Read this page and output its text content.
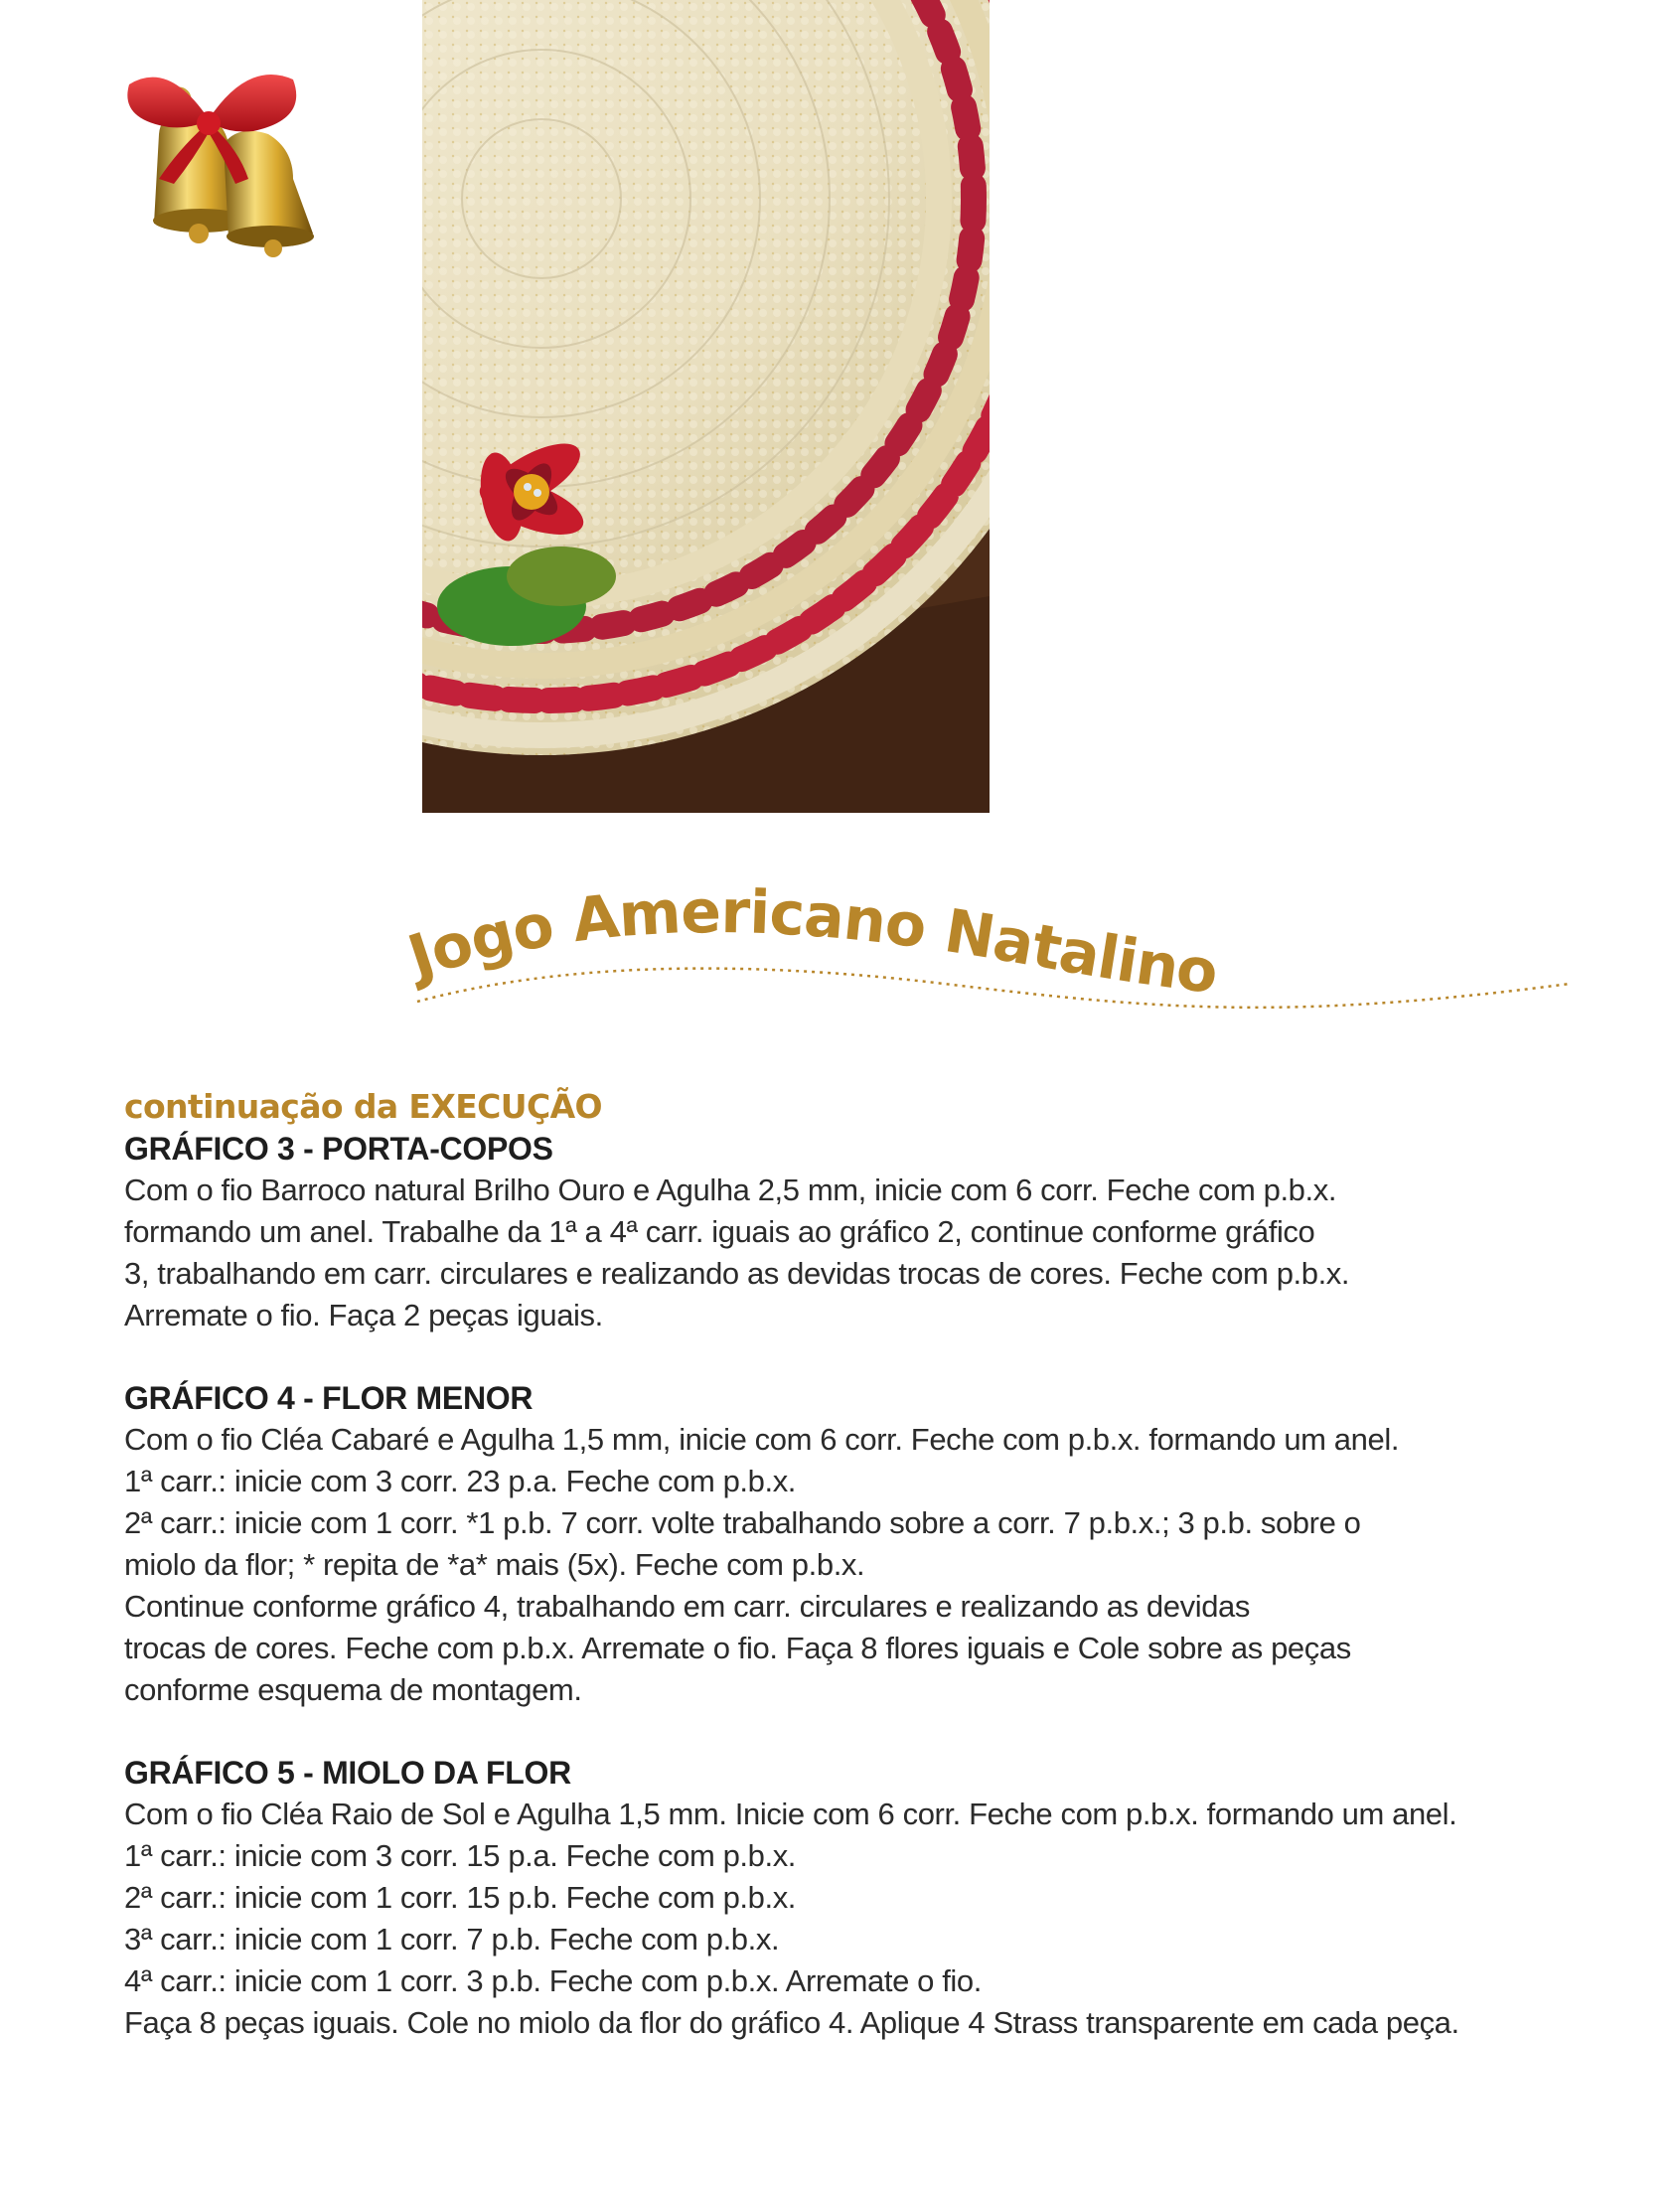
Jogo Americano Natalino
continuação da EXECUÇÃO
GRÁFICO 3 - PORTA-COPOS
Com o fio Barroco natural Brilho Ouro e Agulha 2,5 mm, inicie com 6 corr. Feche com p.b.x.
formando um anel. Trabalhe da 1ª a 4ª carr. iguais ao gráfico 2, continue conforme gráfico
3, trabalhando em carr. circulares e realizando as devidas trocas de cores. Feche com p.b.x.
Arremate o fio. Faça 2 peças iguais.
GRÁFICO 4 - FLOR MENOR
Com o fio Cléa Cabaré e Agulha 1,5 mm, inicie com 6 corr. Feche com p.b.x. formando um anel.
1ª carr.: inicie com 3 corr. 23 p.a. Feche com p.b.x.
2ª carr.: inicie com 1 corr. *1 p.b. 7 corr. volte trabalhando sobre a corr. 7 p.b.x.; 3 p.b. sobre o
miolo da flor; * repita de *a* mais (5x). Feche com p.b.x.
Continue conforme gráfico 4, trabalhando em carr. circulares e realizando as devidas
trocas de cores. Feche com p.b.x. Arremate o fio. Faça 8 flores iguais e Cole sobre as peças
conforme esquema de montagem.
GRÁFICO 5 - MIOLO DA FLOR
Com o fio Cléa Raio de Sol e Agulha 1,5 mm. Inicie com 6 corr. Feche com p.b.x. formando um anel.
1ª carr.: inicie com 3 corr. 15 p.a. Feche com p.b.x.
2ª carr.: inicie com 1 corr. 15 p.b. Feche com p.b.x.
3ª carr.: inicie com 1 corr. 7 p.b. Feche com p.b.x.
4ª carr.: inicie com 1 corr. 3 p.b. Feche com p.b.x. Arremate o fio.
Faça 8 peças iguais. Cole no miolo da flor do gráfico 4. Aplique 4 Strass transparente em cada peça.
